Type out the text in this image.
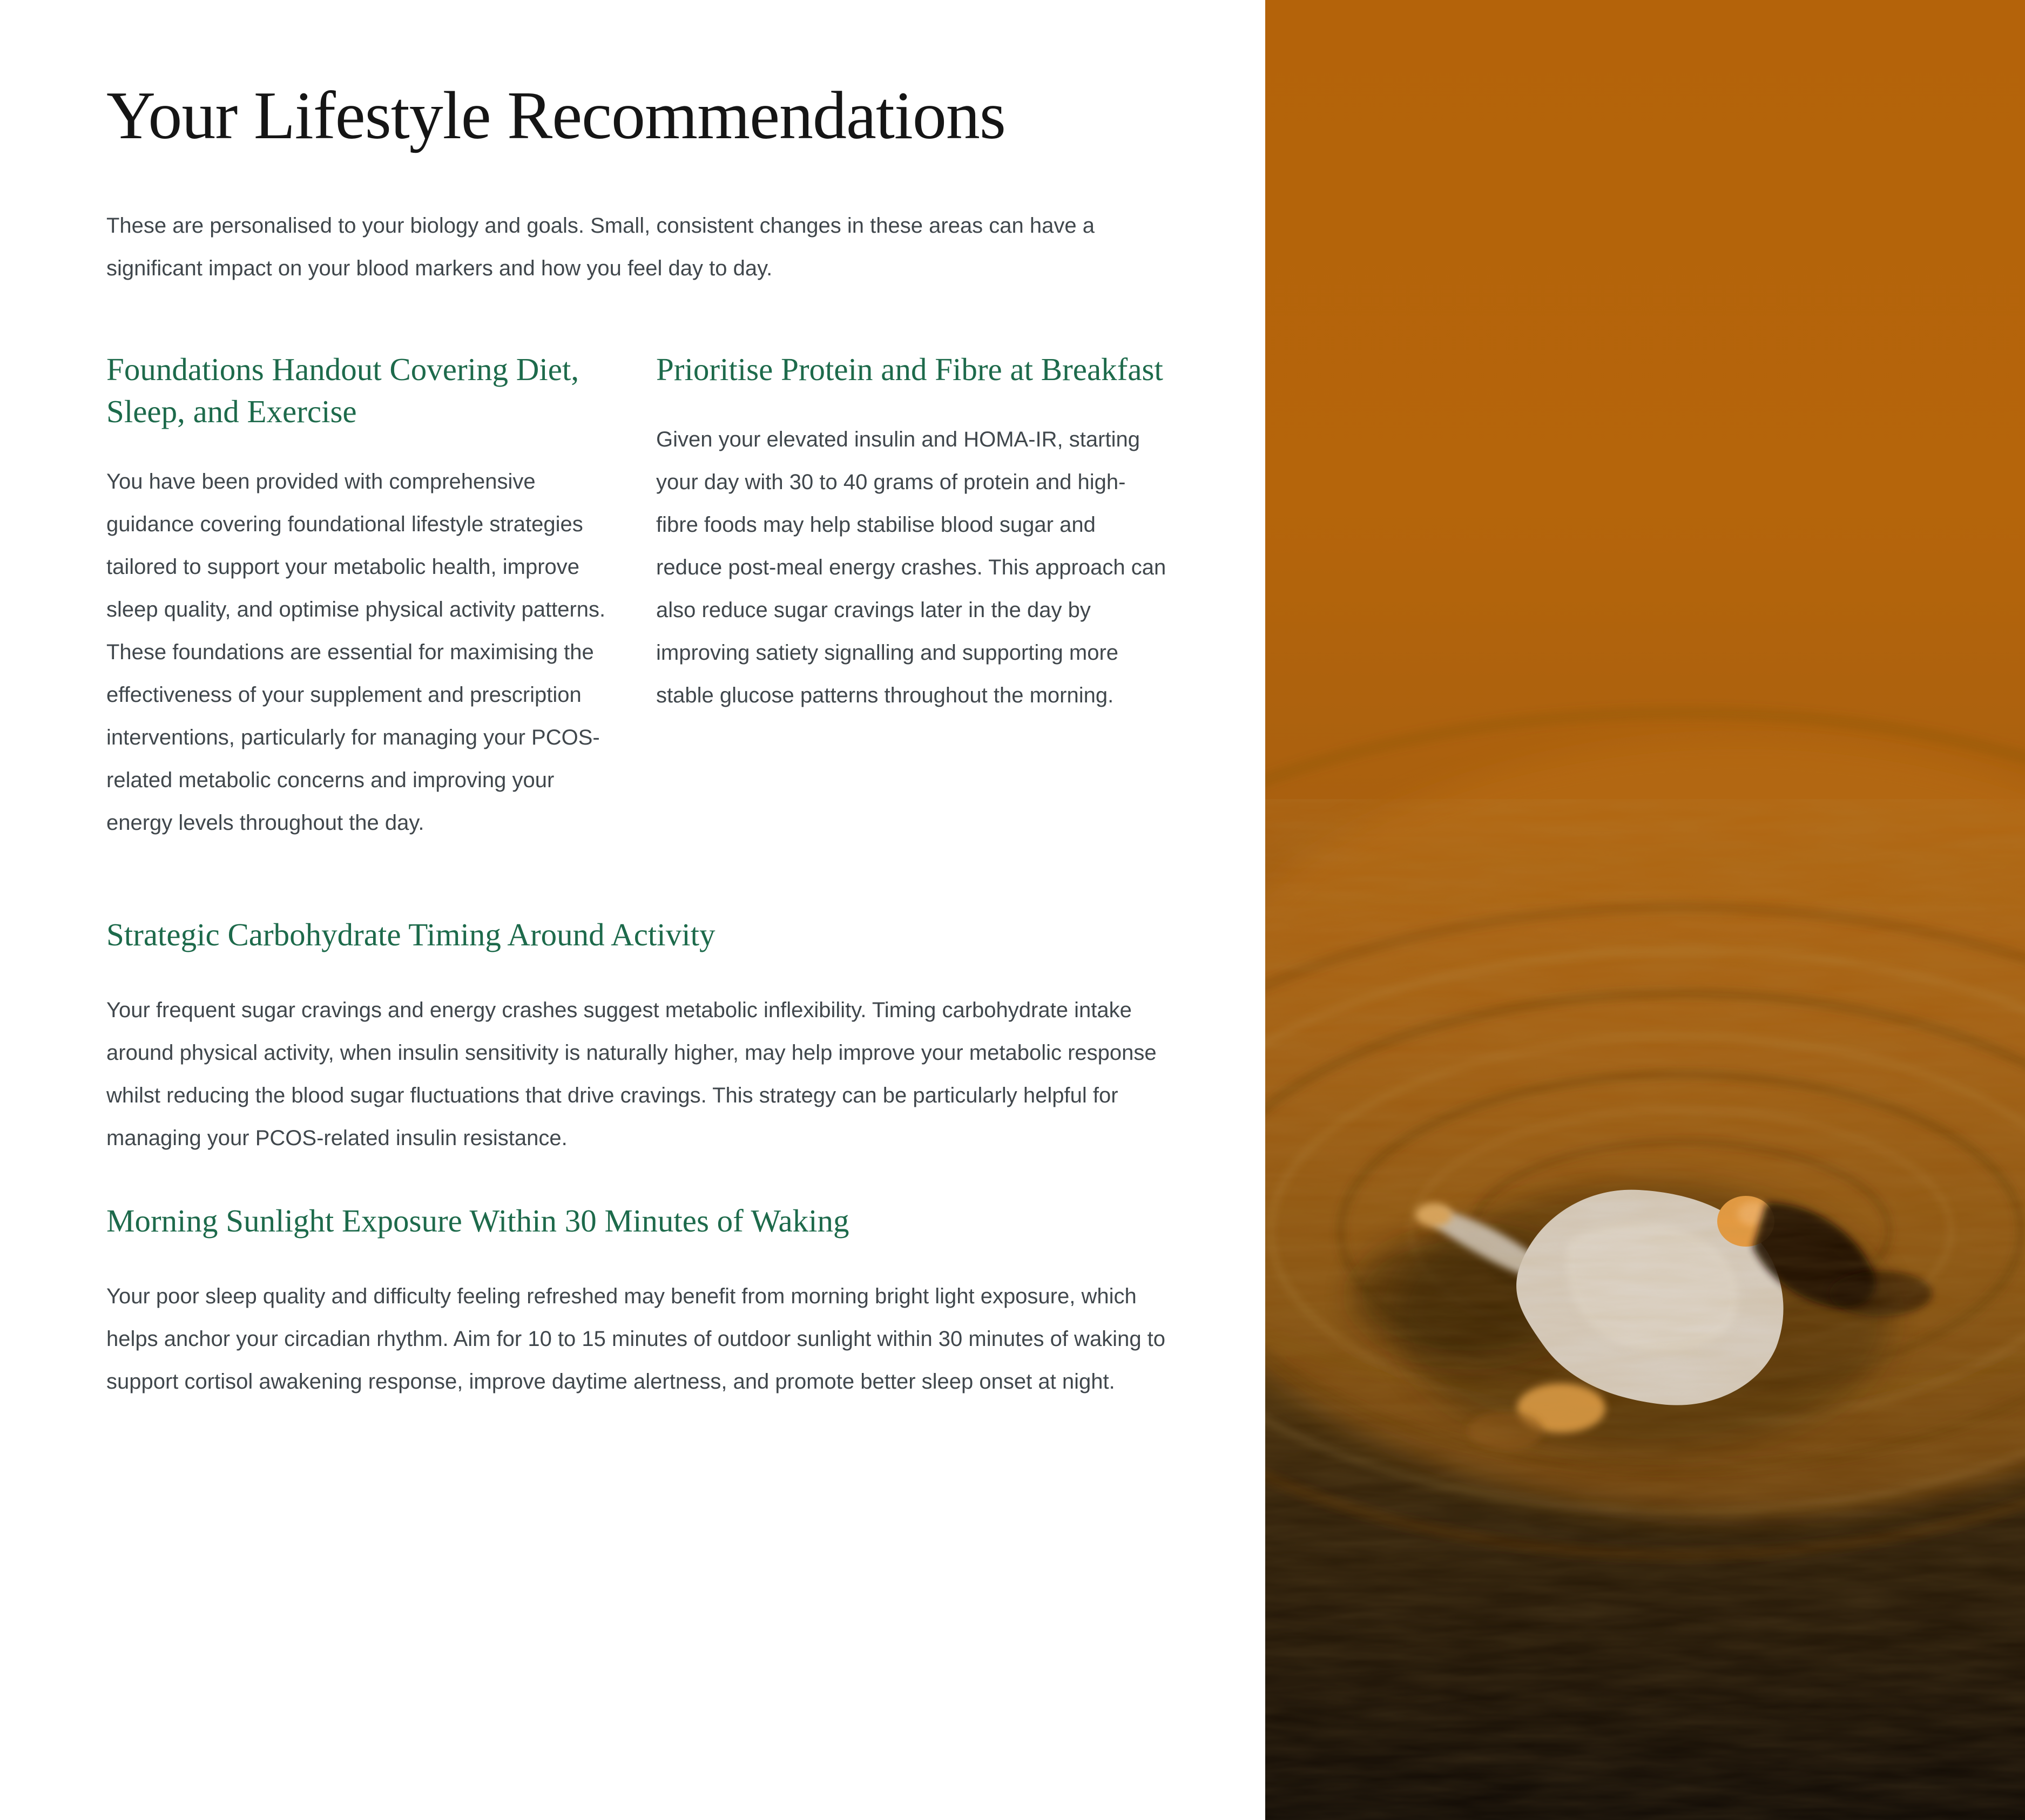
Your Lifestyle Recommendations

These are personalised to your biology and goals. Small, consistent changes in these areas can have a significant impact on your blood markers and how you feel day to day.

Foundations Handout Covering Diet, Sleep, and Exercise

You have been provided with comprehensive guidance covering foundational lifestyle strategies tailored to support your metabolic health, improve sleep quality, and optimise physical activity patterns. These foundations are essential for maximising the effectiveness of your supplement and prescription interventions, particularly for managing your PCOS-related metabolic concerns and improving your energy levels throughout the day.

Prioritise Protein and Fibre at Breakfast

Given your elevated insulin and HOMA-IR, starting your day with 30 to 40 grams of protein and high-fibre foods may help stabilise blood sugar and reduce post-meal energy crashes. This approach can also reduce sugar cravings later in the day by improving satiety signalling and supporting more stable glucose patterns throughout the morning.

Strategic Carbohydrate Timing Around Activity

Your frequent sugar cravings and energy crashes suggest metabolic inflexibility. Timing carbohydrate intake around physical activity, when insulin sensitivity is naturally higher, may help improve your metabolic response whilst reducing the blood sugar fluctuations that drive cravings. This strategy can be particularly helpful for managing your PCOS-related insulin resistance.

Morning Sunlight Exposure Within 30 Minutes of Waking

Your poor sleep quality and difficulty feeling refreshed may benefit from morning bright light exposure, which helps anchor your circadian rhythm. Aim for 10 to 15 minutes of outdoor sunlight within 30 minutes of waking to support cortisol awakening response, improve daytime alertness, and promote better sleep onset at night.
